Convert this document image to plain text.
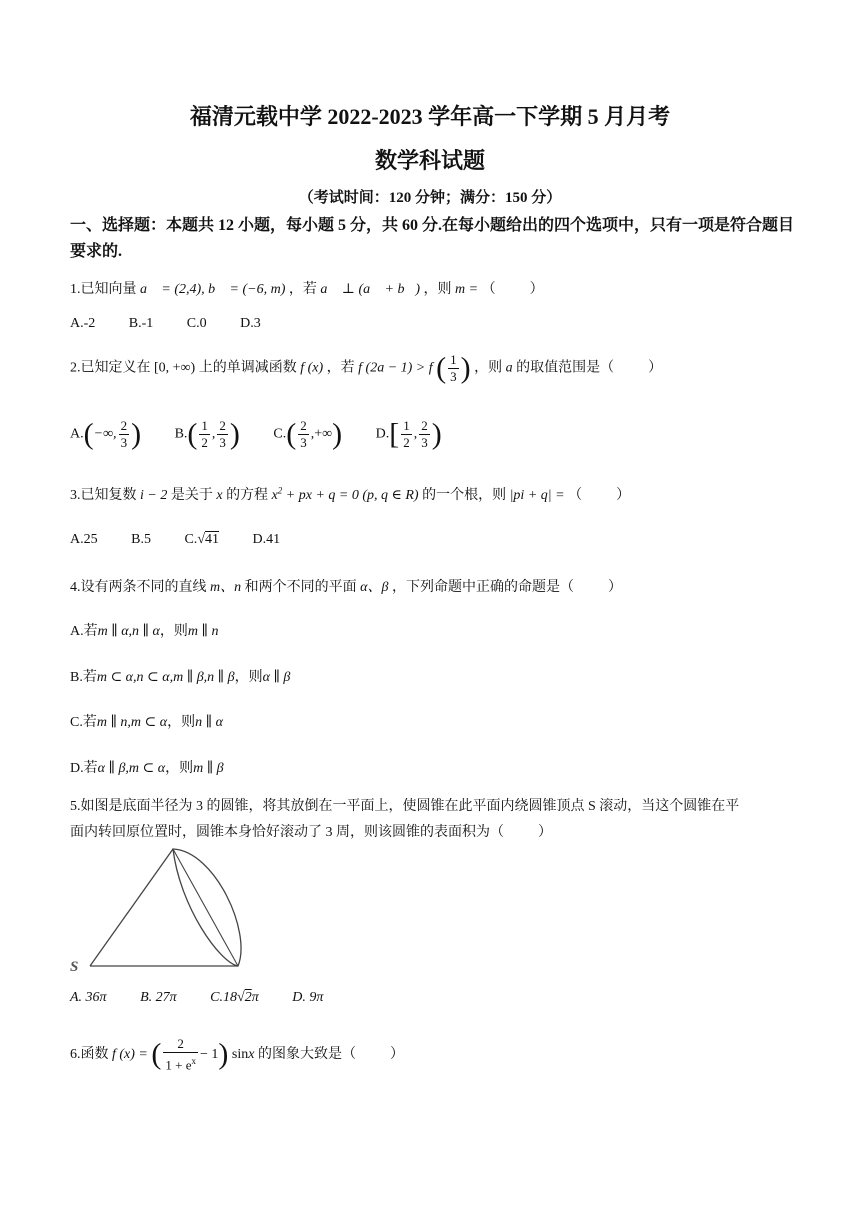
福清元载中学 2022-2023 学年高一下学期 5 月月考
数学科试题
（考试时间：120 分钟；满分：150 分）
一、选择题：本题共 12 小题，每小题 5 分，共 60 分.在每小题给出的四个选项中，只有一项是符合题目要求的.
1.已知向量 a⃗ = (2,4), b⃗ = (−6, m) ，若 a⃗ ⊥ (a⃗ + b⃗) ，则 m = （ ）
A.-2 B.-1 C.0 D.3
2.已知定义在 [0, +∞) 上的单调减函数 f (x) ，若 f (2a − 1) > f ( $\frac{1}{3}$ ) ，则 a 的取值范围是（ ）
A.(−∞, $\frac{2}{3}$ ) $B.( \frac{1}{2}$ , $\frac{2}{3}$ ) $C.( \frac{2}{3}$ ,+∞) $D.[ \frac{1}{2}$ , $\frac{2}{3}$ )
3.已知复数 i − 2 是关于 x 的方程 $x^2$ + px + q = 0 (p, q ∈ R) 的一个根，则 |pi + q| = （ ）
A.25 B.5 C.√41 D.41
4.设有两条不同的直线 m、n 和两个不同的平面 α、β ，下列命题中正确的命题是（ ）
A.若m ∥ α,n ∥ α，则m ∥ n
B.若m ⊂ α,n ⊂ α,m ∥ β,n ∥ β，则α ∥ β
C.若m ∥ n,m ⊂ α，则n ∥ α
D.若α ∥ β,m ⊂ α，则m ∥ β
5.如图是底面半径为 3 的圆锥，将其放倒在一平面上，使圆锥在此平面内绕圆锥顶点 S 滚动，当这个圆锥在平
面内转回原位置时，圆锥本身恰好滚动了 3 周，则该圆锥的表面积为（ ）
S
A. 36π B. 27π C.18√2π D. 9π
6.函数 f (x) = ( $\frac{2}{1 + e^x} - 1$) sinx 的图象大致是（ ）
